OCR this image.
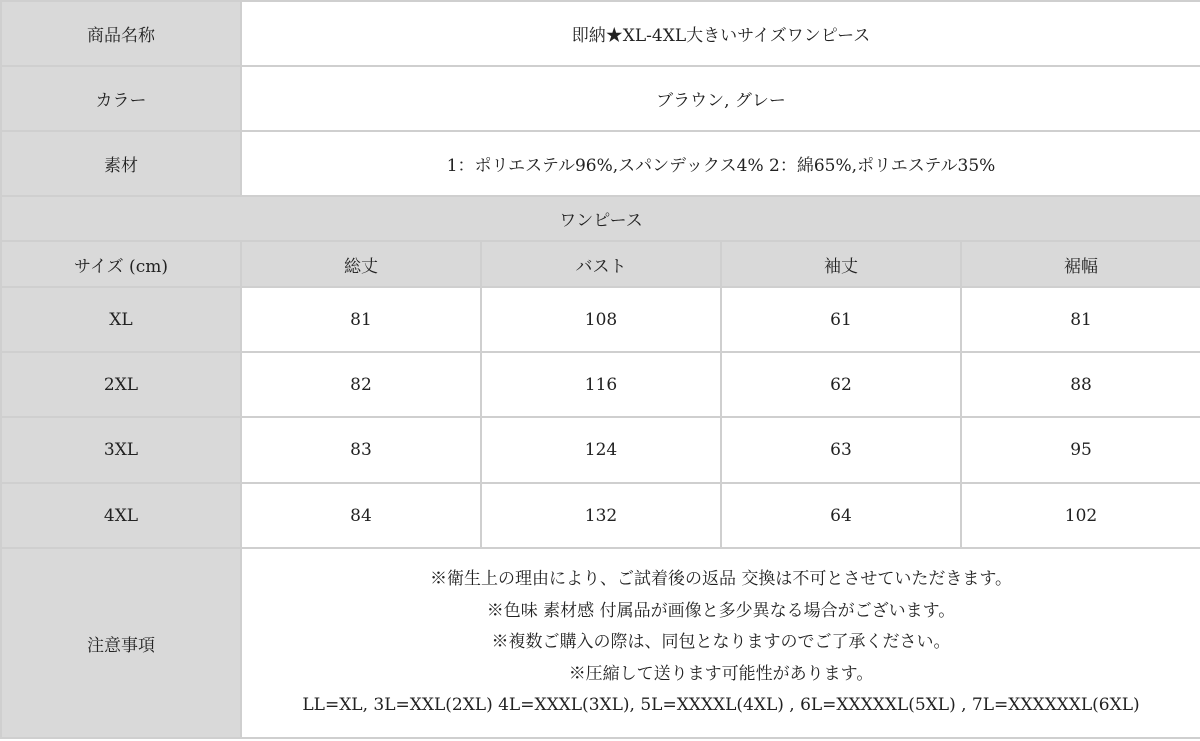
商品名称	即納★XL-4XL大きいサイズワンピース			
カラー	ブラウン, グレー			
素材	1：ポリエステル96%,スパンデックス4% 2：綿65%,ポリエステル35%			
ワンピース				
サイズ (cm)	総丈	バスト	袖丈	裾幅
XL	81	108	61	81
2XL	82	116	62	88
3XL	83	124	63	95
4XL	84	132	64	102
注意事項	※衛生上の理由により、ご試着後の返品 交換は不可とさせていただきます。
※色味 素材感 付属品が画像と多少異なる場合がございます。
※複数ご購入の際は、同包となりますのでご了承ください。
※圧縮して送ります可能性があります。
LL=XL, 3L=XXL(2XL) 4L=XXXL(3XL), 5L=XXXXL(4XL) , 6L=XXXXXL(5XL) , 7L=XXXXXXL(6XL)			
